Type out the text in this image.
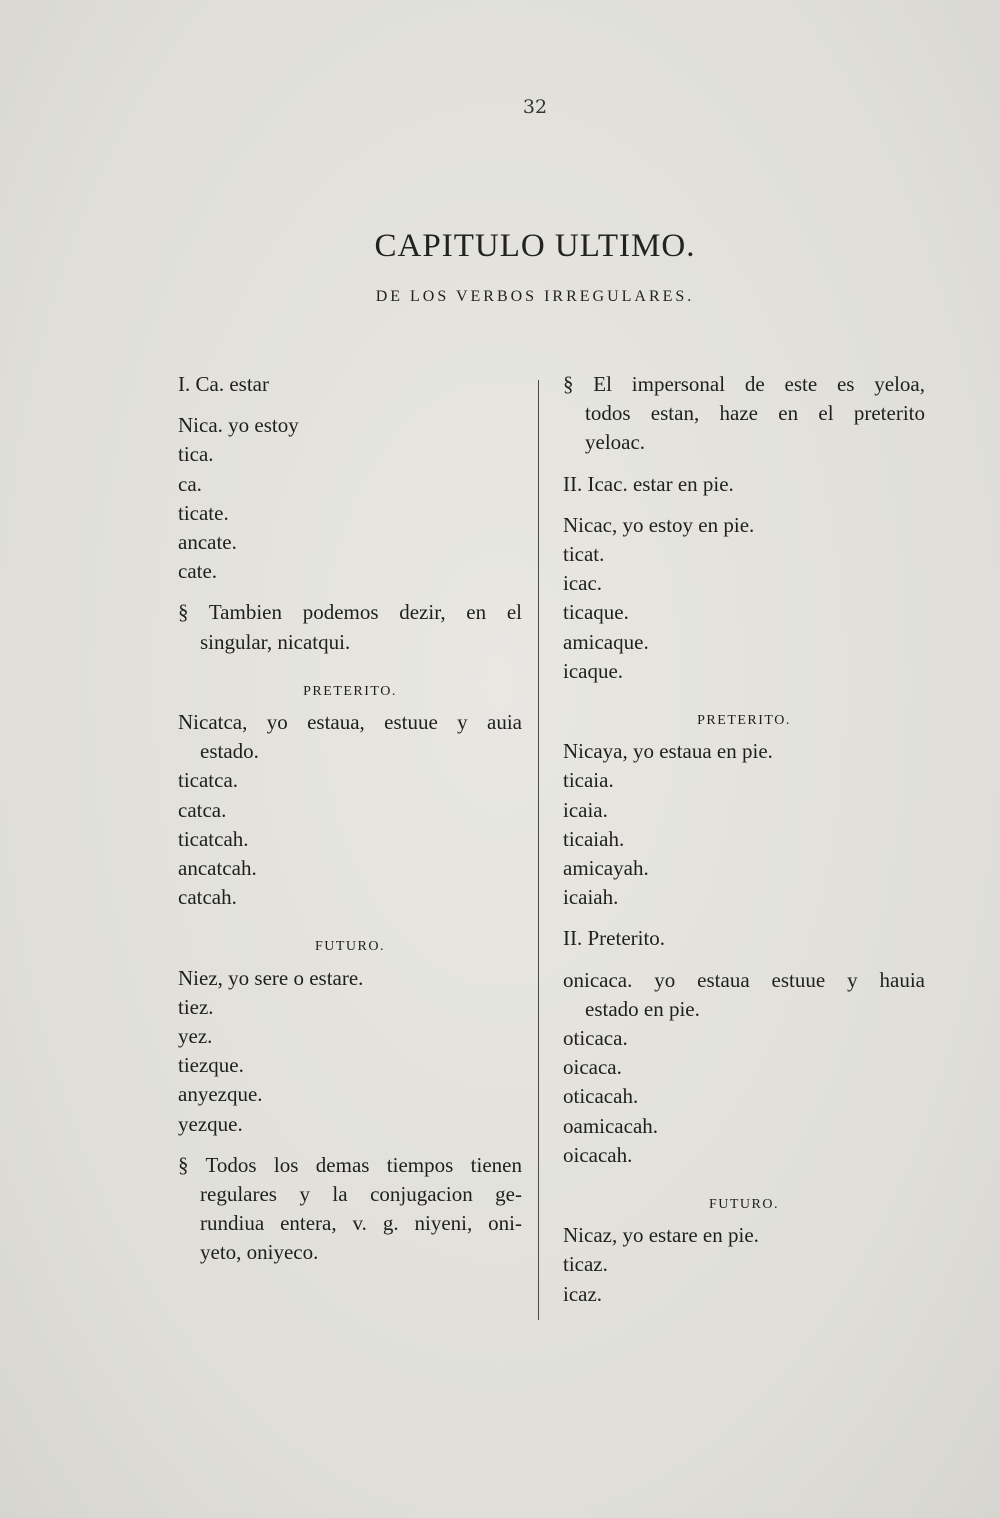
32
CAPITULO ULTIMO.
DE LOS VERBOS IRREGULARES.
I. Ca. estar
Nica. yo estoy
tica.
ca.
ticate.
ancate.
cate.
§ Tambien podemos dezir, en el
singular, nicatqui.
PRETERITO.
Nicatca, yo estaua, estuue y auia
estado.
ticatca.
catca.
ticatcah.
ancatcah.
catcah.
FUTURO.
Niez, yo sere o estare.
tiez.
yez.
tiezque.
anyezque.
yezque.
§ Todos los demas tiempos tienen
regulares y la conjugacion ge-
rundiua entera, v. g. niyeni, oni-
yeto, oniyeco.
§ El impersonal de este es yeloa,
todos estan, haze en el preterito
yeloac.
II. Icac. estar en pie.
Nicac, yo estoy en pie.
ticat.
icac.
ticaque.
amicaque.
icaque.
PRETERITO.
Nicaya, yo estaua en pie.
ticaia.
icaia.
ticaiah.
amicayah.
icaiah.
II. Preterito.
onicaca. yo estaua estuue y hauia
estado en pie.
oticaca.
oicaca.
oticacah.
oamicacah.
oicacah.
FUTURO.
Nicaz, yo estare en pie.
ticaz.
icaz.
